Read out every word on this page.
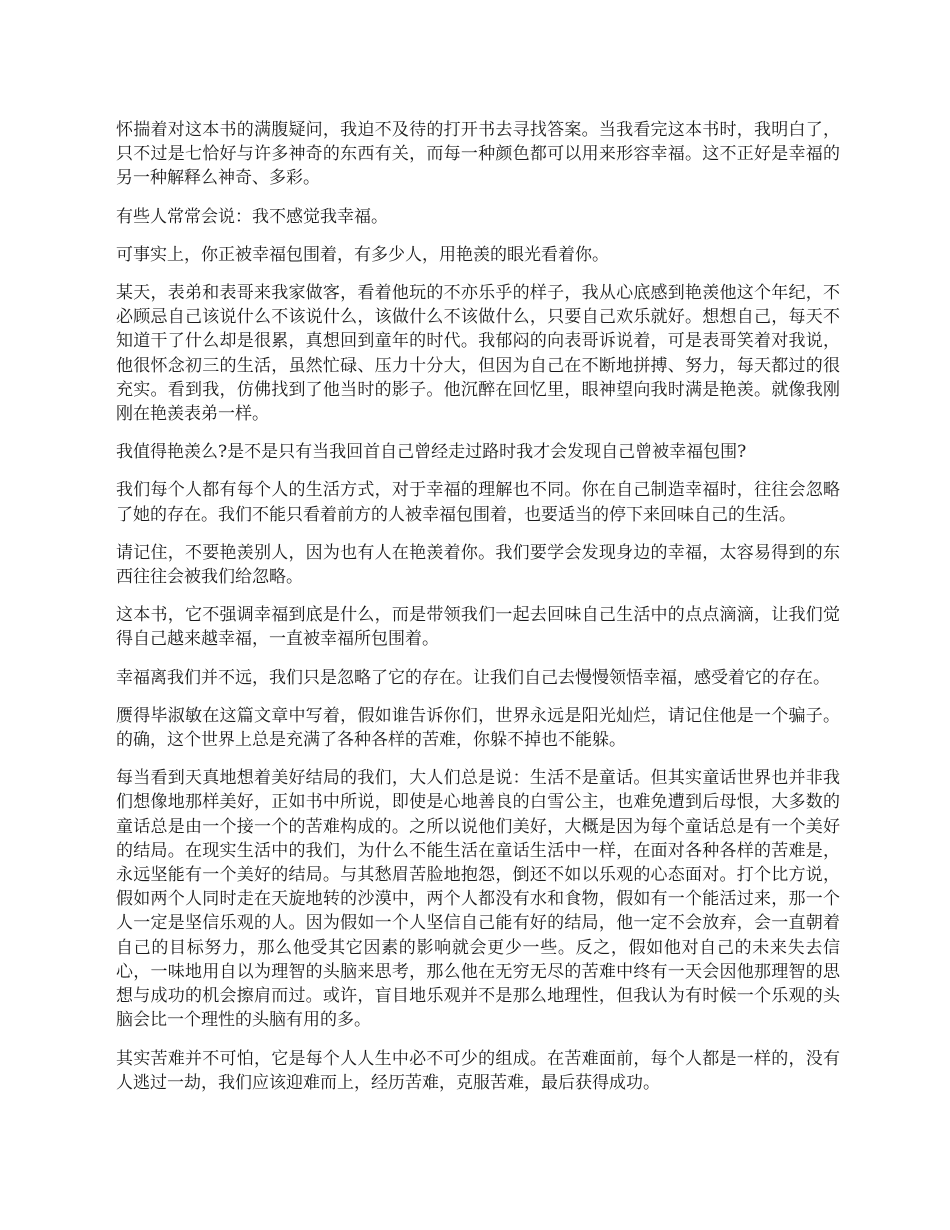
怀揣着对这本书的满腹疑问，我迫不及待的打开书去寻找答案。当我看完这本书时，我明白了，只不过是七恰好与许多神奇的东西有关，而每一种颜色都可以用来形容幸福。这不正好是幸福的另一种解释么神奇、多彩。

有些人常常会说：我不感觉我幸福。

可事实上，你正被幸福包围着，有多少人，用艳羡的眼光看着你。

某天，表弟和表哥来我家做客，看着他玩的不亦乐乎的样子，我从心底感到艳羡他这个年纪，不必顾忌自己该说什么不该说什么，该做什么不该做什么，只要自己欢乐就好。想想自己，每天不知道干了什么却是很累，真想回到童年的时代。我郁闷的向表哥诉说着，可是表哥笑着对我说，他很怀念初三的生活，虽然忙碌、压力十分大，但因为自己在不断地拼搏、努力，每天都过的很充实。看到我，仿佛找到了他当时的影子。他沉醉在回忆里，眼神望向我时满是艳羡。就像我刚刚在艳羡表弟一样。

我值得艳羡么?是不是只有当我回首自己曾经走过路时我才会发现自己曾被幸福包围?

我们每个人都有每个人的生活方式，对于幸福的理解也不同。你在自己制造幸福时，往往会忽略了她的存在。我们不能只看着前方的人被幸福包围着，也要适当的停下来回味自己的生活。

请记住，不要艳羡别人，因为也有人在艳羡着你。我们要学会发现身边的幸福，太容易得到的东西往往会被我们给忽略。

这本书，它不强调幸福到底是什么，而是带领我们一起去回味自己生活中的点点滴滴，让我们觉得自己越来越幸福，一直被幸福所包围着。

幸福离我们并不远，我们只是忽略了它的存在。让我们自己去慢慢领悟幸福，感受着它的存在。

赝得毕淑敏在这篇文章中写着，假如谁告诉你们，世界永远是阳光灿烂，请记住他是一个骗子。的确，这个世界上总是充满了各种各样的苦难，你躲不掉也不能躲。

每当看到天真地想着美好结局的我们，大人们总是说：生活不是童话。但其实童话世界也并非我们想像地那样美好，正如书中所说，即使是心地善良的白雪公主，也难免遭到后母恨，大多数的童话总是由一个接一个的苦难构成的。之所以说他们美好，大概是因为每个童话总是有一个美好的结局。在现实生活中的我们，为什么不能生活在童话生活中一样，在面对各种各样的苦难是，永远坚能有一个美好的结局。与其愁眉苦脸地抱怨，倒还不如以乐观的心态面对。打个比方说，假如两个人同时走在天旋地转的沙漠中，两个人都没有水和食物，假如有一个能活过来，那一个人一定是坚信乐观的人。因为假如一个人坚信自己能有好的结局，他一定不会放弃，会一直朝着自己的目标努力，那么他受其它因素的影响就会更少一些。反之，假如他对自己的未来失去信心，一味地用自以为理智的头脑来思考，那么他在无穷无尽的苦难中终有一天会因他那理智的思想与成功的机会擦肩而过。或许，盲目地乐观并不是那么地理性，但我认为有时候一个乐观的头脑会比一个理性的头脑有用的多。

其实苦难并不可怕，它是每个人人生中必不可少的组成。在苦难面前，每个人都是一样的，没有人逃过一劫，我们应该迎难而上，经历苦难，克服苦难，最后获得成功。
